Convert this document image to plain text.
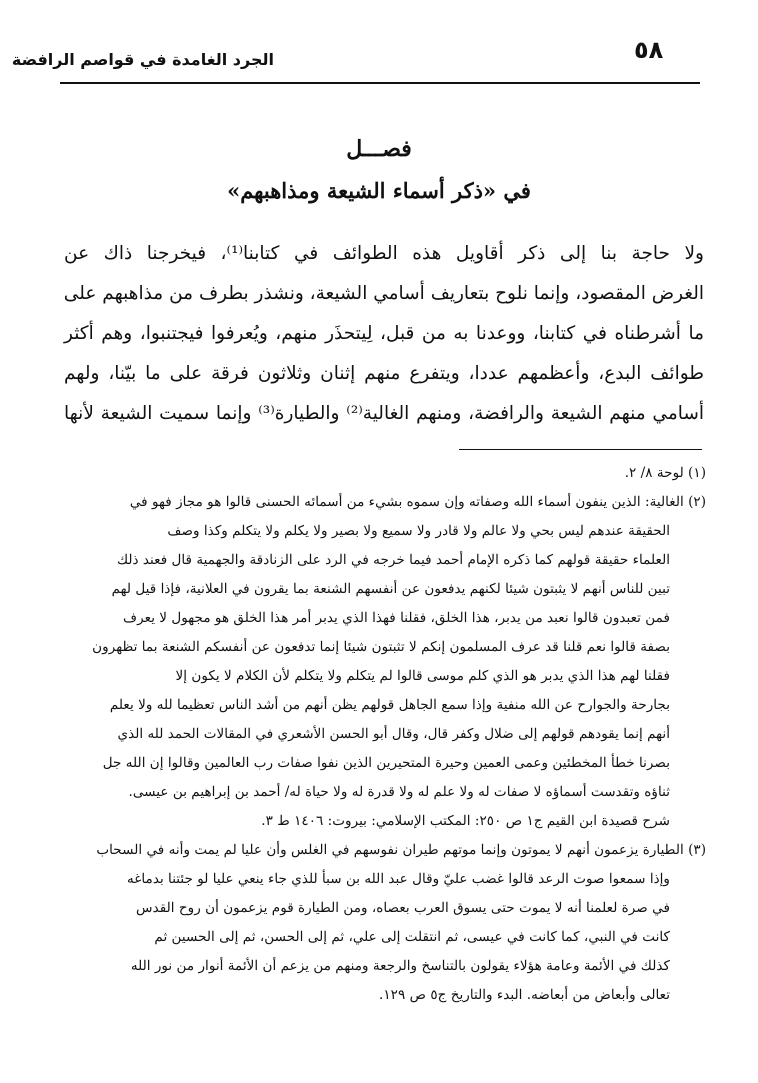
الجرد الغامدة في قواصم الرافضة	٥٨
فصـــل
في «ذكر أسماء الشيعة ومذاهبهم»
ولا حاجة بنا إلى ذكر أقاويل هذه الطوائف في كتابنا⁽¹⁾، فيخرجنا ذاك عن
الغرض المقصود، وإنما نلوح بتعاريف أسامي الشيعة، ونشذر بطرف من مذاهبهم على
ما أشرطناه في كتابنا، ووعدنا به من قبل، لِيتحذَر منهم، ويُعرفوا فيجتنبوا، وهم أكثر
طوائف البدع، وأعظمهم عددا، ويتفرع منهم إثنان وثلاثون فرقة على ما بيّنا، ولهم
أسامي منهم الشيعة والرافضة، ومنهم الغالية⁽²⁾ والطيارة⁽³⁾ وإنما سميت الشيعة لأنها
(١) لوحة ٨/ ٢.
(٢) الغالية: الذين ينفون أسماء الله وصفاته وإن سموه بشيء من أسمائه الحسنى قالوا هو مجاز فهو في
الحقيقة عندهم ليس بحي ولا عالم ولا قادر ولا سميع ولا بصير ولا يكلم ولا يتكلم وكذا وصف
العلماء حقيقة قولهم كما ذكره الإمام أحمد فيما خرجه في الرد على الزنادقة والجهمية قال فعند ذلك
تبين للناس أنهم لا يثبتون شيئا لكنهم يدفعون عن أنفسهم الشنعة بما يقرون في العلانية، فإذا قيل لهم
فمن تعبدون قالوا نعبد من يدبر، هذا الخلق، فقلنا فهذا الذي يدبر أمر هذا الخلق هو مجهول لا يعرف
بصفة قالوا نعم قلنا قد عرف المسلمون إنكم لا تثبتون شيئا إنما تدفعون عن أنفسكم الشنعة بما تظهرون
فقلنا لهم هذا الذي يدبر هو الذي كلم موسى قالوا لم يتكلم ولا يتكلم لأن الكلام لا يكون إلا
بجارحة والجوارح عن الله منفية وإذا سمع الجاهل قولهم يظن أنهم من أشد الناس تعظيما لله ولا يعلم
أنهم إنما يقودهم قولهم إلى ضلال وكفر قال، وقال أبو الحسن الأشعري في المقالات الحمد لله الذي
بصرنا خطأ المخطئين وعمى العمين وحيرة المتحيرين الذين نفوا صفات رب العالمين وقالوا إن الله جل
ثناؤه وتقدست أسماؤه لا صفات له ولا علم له ولا قدرة له ولا حياة له/ أحمد بن إبراهيم بن عيسى.
شرح قصيدة ابن القيم ج١ ص ٢٥٠: المكتب الإسلامي: بيروت: ١٤٠٦ ط ٣.
(٣) الطيارة يزعمون أنهم لا يموتون وإنما موتهم طيران نفوسهم في الغلس وأن عليا لم يمت وأنه في السحاب
وإذا سمعوا صوت الرعد قالوا غضب عليّ وقال عبد الله بن سبأ للذي جاء ينعي عليا لو جئتنا بدماغه
في صرة لعلمنا أنه لا يموت حتى يسوق العرب بعصاه، ومن الطيارة قوم يزعمون أن روح القدس
كانت في النبي، كما كانت في عيسى، ثم انتقلت إلى علي، ثم إلى الحسن، ثم إلى الحسين ثم
كذلك في الأئمة وعامة هؤلاء يقولون بالتناسخ والرجعة ومنهم من يزعم أن الأئمة أنوار من نور الله
تعالى وأبعاض من أبعاضه. البدء والتاريخ ج٥ ص ١٢٩.
